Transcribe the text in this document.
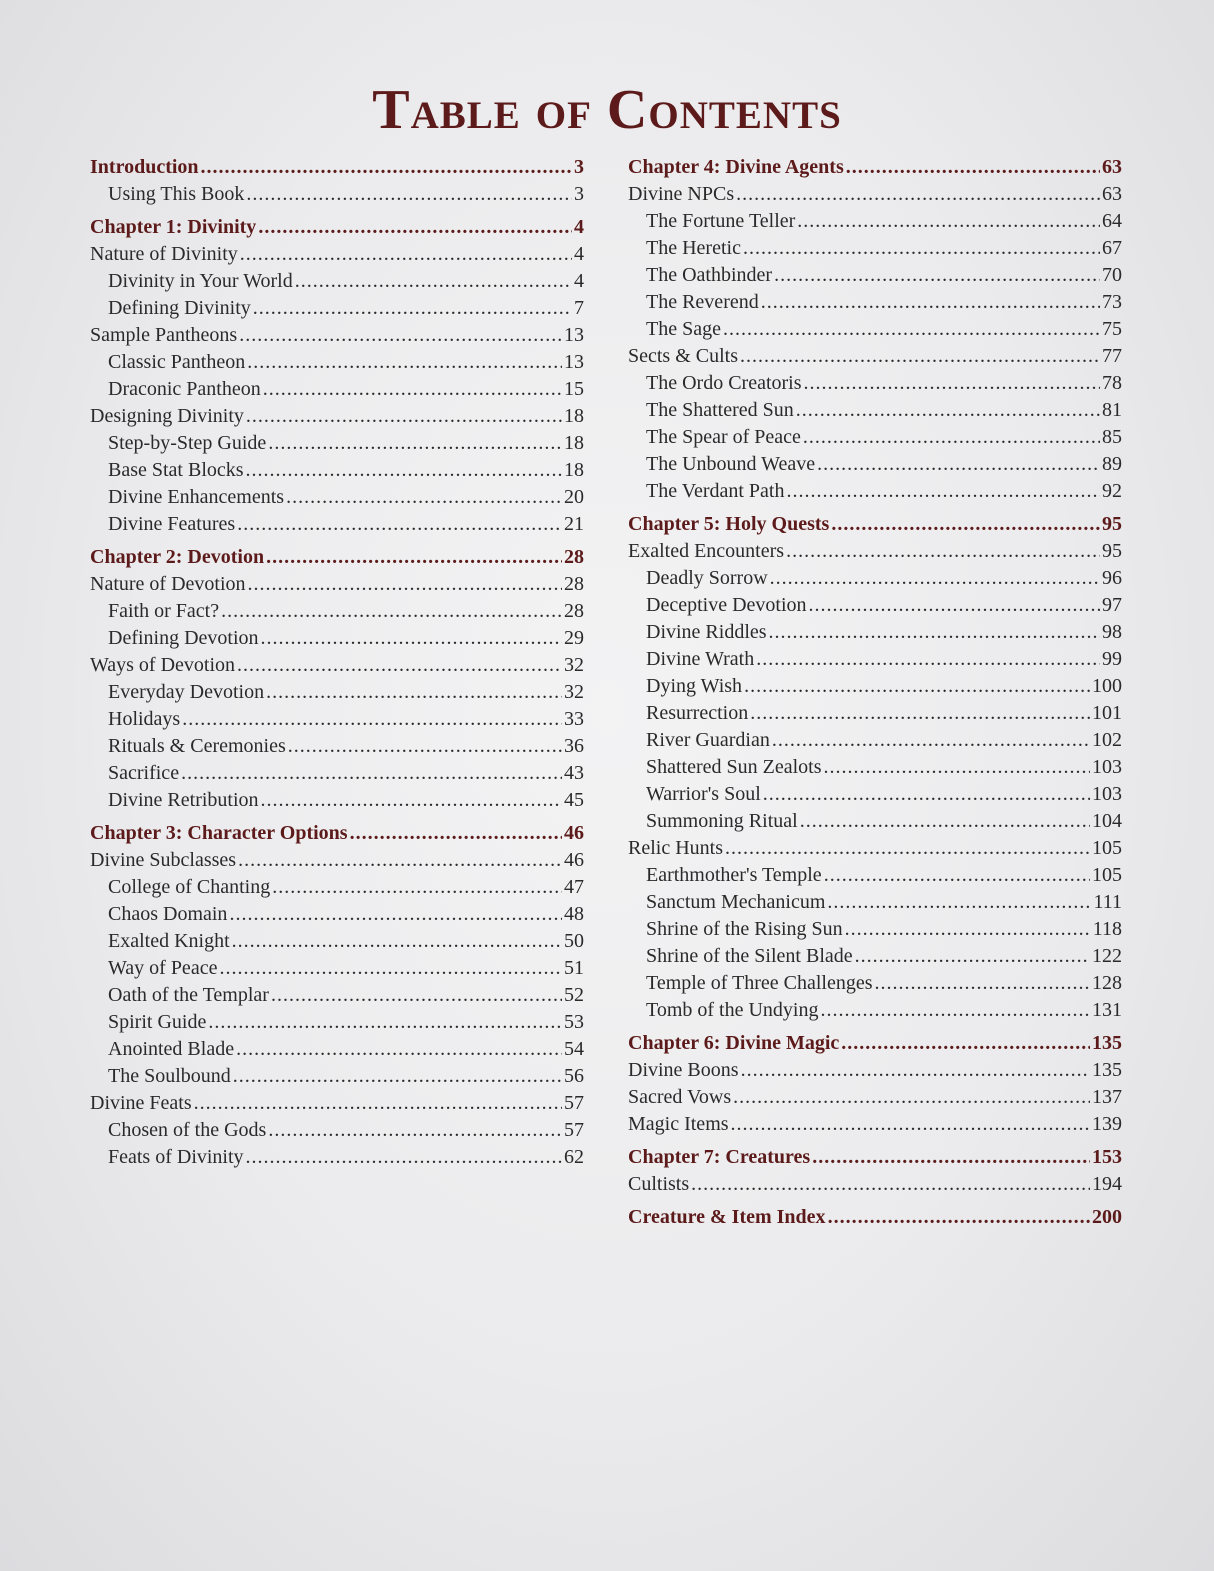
Table of Contents
Introduction .....	3
Using This Book .....	3
Chapter 1: Divinity .....	4
Nature of Divinity .....	4
Divinity in Your World .....	4
Defining Divinity .....	7
Sample Pantheons .....	13
Classic Pantheon .....	13
Draconic Pantheon .....	15
Designing Divinity .....	18
Step-by-Step Guide .....	18
Base Stat Blocks .....	18
Divine Enhancements .....	20
Divine Features .....	21
Chapter 2: Devotion .....	28
Nature of Devotion .....	28
Faith or Fact? .....	28
Defining Devotion .....	29
Ways of Devotion .....	32
Everyday Devotion .....	32
Holidays .....	33
Rituals & Ceremonies .....	36
Sacrifice .....	43
Divine Retribution .....	45
Chapter 3: Character Options .....	46
Divine Subclasses .....	46
College of Chanting .....	47
Chaos Domain .....	48
Exalted Knight .....	50
Way of Peace .....	51
Oath of the Templar .....	52
Spirit Guide .....	53
Anointed Blade .....	54
The Soulbound .....	56
Divine Feats .....	57
Chosen of the Gods .....	57
Feats of Divinity .....	62
Chapter 4: Divine Agents .....	63
Divine NPCs .....	63
The Fortune Teller .....	64
The Heretic .....	67
The Oathbinder .....	70
The Reverend .....	73
The Sage .....	75
Sects & Cults .....	77
The Ordo Creatoris .....	78
The Shattered Sun .....	81
The Spear of Peace .....	85
The Unbound Weave .....	89
The Verdant Path .....	92
Chapter 5: Holy Quests .....	95
Exalted Encounters .....	95
Deadly Sorrow .....	96
Deceptive Devotion .....	97
Divine Riddles .....	98
Divine Wrath .....	99
Dying Wish .....	100
Resurrection .....	101
River Guardian .....	102
Shattered Sun Zealots .....	103
Warrior's Soul .....	103
Summoning Ritual .....	104
Relic Hunts .....	105
Earthmother's Temple .....	105
Sanctum Mechanicum .....	111
Shrine of the Rising Sun .....	118
Shrine of the Silent Blade .....	122
Temple of Three Challenges .....	128
Tomb of the Undying .....	131
Chapter 6: Divine Magic .....	135
Divine Boons .....	135
Sacred Vows .....	137
Magic Items .....	139
Chapter 7: Creatures .....	153
Cultists .....	194
Creature & Item Index .....	200
